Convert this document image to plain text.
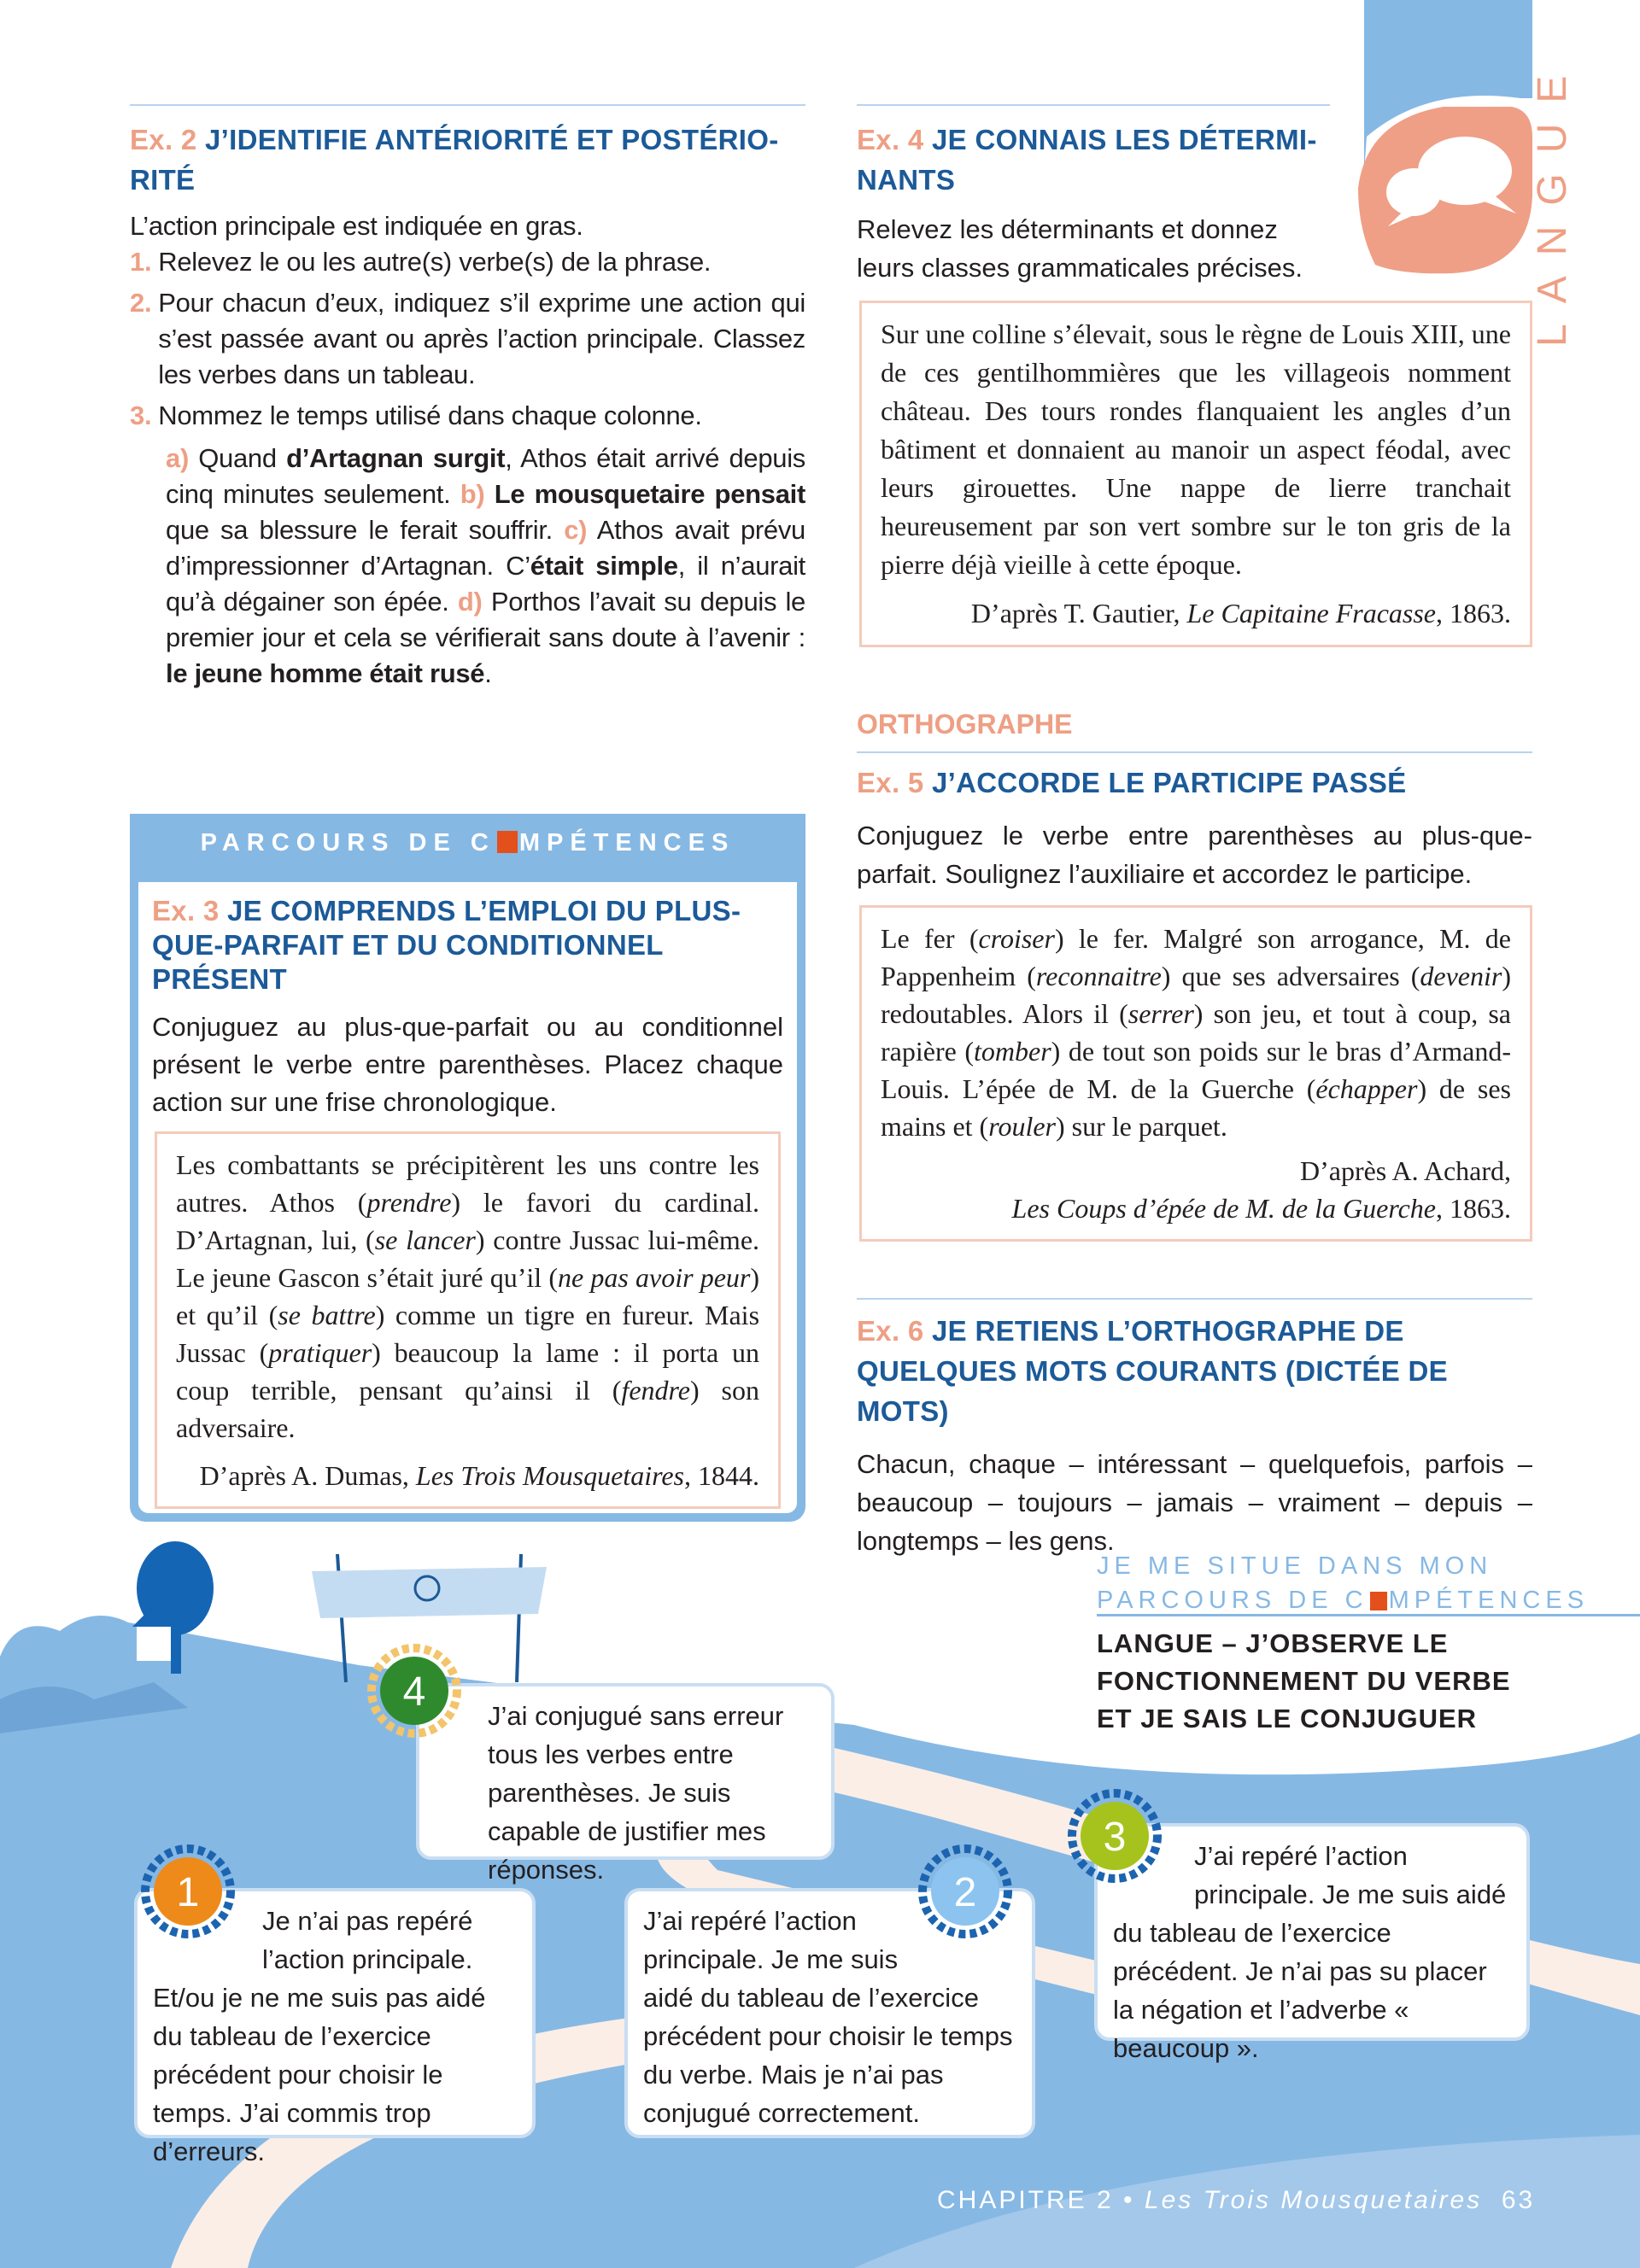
LANGUE
Ex. 2 J’IDENTIFIE ANTÉRIORITÉ ET POSTÉRIO-RITÉ
L’action principale est indiquée en gras.
1. Relevez le ou les autre(s) verbe(s) de la phrase.
2. Pour chacun d’eux, indiquez s’il exprime une action qui s’est passée avant ou après l’action principale. Classez les verbes dans un tableau.
3. Nommez le temps utilisé dans chaque colonne.
a) Quand d’Artagnan surgit, Athos était arrivé depuis cinq minutes seulement. b) Le mousquetaire pensait que sa blessure le ferait souffrir. c) Athos avait prévu d’impressionner d’Artagnan. C’était simple, il n’aurait qu’à dégainer son épée. d) Porthos l’avait su depuis le premier jour et cela se vérifierait sans doute à l’avenir : le jeune homme était rusé.
PARCOURS DE C MPÉTENCES
Ex. 3 JE COMPRENDS L’EMPLOI DU PLUS-QUE-PARFAIT ET DU CONDITIONNEL PRÉSENT
Conjuguez au plus-que-parfait ou au conditionnel présent le verbe entre parenthèses. Placez chaque action sur une frise chronologique.
Les combattants se précipitèrent les uns contre les autres. Athos (prendre) le favori du cardinal. D’Artagnan, lui, (se lancer) contre Jussac lui-même. Le jeune Gascon s’était juré qu’il (ne pas avoir peur) et qu’il (se battre) comme un tigre en fureur. Mais Jussac (pratiquer) beaucoup la lame : il porta un coup terrible, pensant qu’ainsi il (fendre) son adversaire.
D’après A. Dumas, Les Trois Mousquetaires, 1844.
Ex. 4 JE CONNAIS LES DÉTERMI-NANTS
Relevez les déterminants et donnez leurs classes grammaticales précises.
Sur une colline s’élevait, sous le règne de Louis XIII, une de ces gentilhommières que les villageois nomment château. Des tours rondes flanquaient les angles d’un bâtiment et donnaient au manoir un aspect féodal, avec leurs girouettes. Une nappe de lierre tranchait heureusement par son vert sombre sur le ton gris de la pierre déjà vieille à cette époque.
D’après T. Gautier, Le Capitaine Fracasse, 1863.
ORTHOGRAPHE
Ex. 5 J’ACCORDE LE PARTICIPE PASSÉ
Conjuguez le verbe entre parenthèses au plus-que-parfait. Soulignez l’auxiliaire et accordez le participe.
Le fer (croiser) le fer. Malgré son arrogance, M. de Pappenheim (reconnaitre) que ses adversaires (devenir) redoutables. Alors il (serrer) son jeu, et tout à coup, sa rapière (tomber) de tout son poids sur le bras d’Armand-Louis. L’épée de M. de la Guerche (échapper) de ses mains et (rouler) sur le parquet.
D’après A. Achard,
Les Coups d’épée de M. de la Guerche, 1863.
Ex. 6 JE RETIENS L’ORTHOGRAPHE DE QUELQUES MOTS COURANTS (DICTÉE DE MOTS)
Chacun, chaque – intéressant – quelquefois, parfois – beaucoup – toujours – jamais – vraiment – depuis – longtemps – les gens.
JE ME SITUE DANS MON
PARCOURS DE C MPÉTENCES
LANGUE – J’OBSERVE LE FONCTIONNEMENT DU VERBE ET JE SAIS LE CONJUGUER
J’ai conjugué sans erreur tous les verbes entre parenthèses. Je suis capable de justifier mes réponses.
Je n’ai pas repéré l’action principale. Et/ou je ne me suis pas aidé du tableau de l’exercice précédent pour choisir le temps. J’ai commis trop d’erreurs.
J’ai repéré l’action principale. Je me suis aidé du tableau de l’exercice précédent pour choisir le temps du verbe. Mais je n’ai pas conjugué correctement.
J’ai repéré l’action principale. Je me suis aidé du tableau de l’exercice précédent. Je n’ai pas su placer la négation et l’adverbe « beaucoup ».
4
1	2
3
CHAPITRE 2 • Les Trois Mousquetaires 63
